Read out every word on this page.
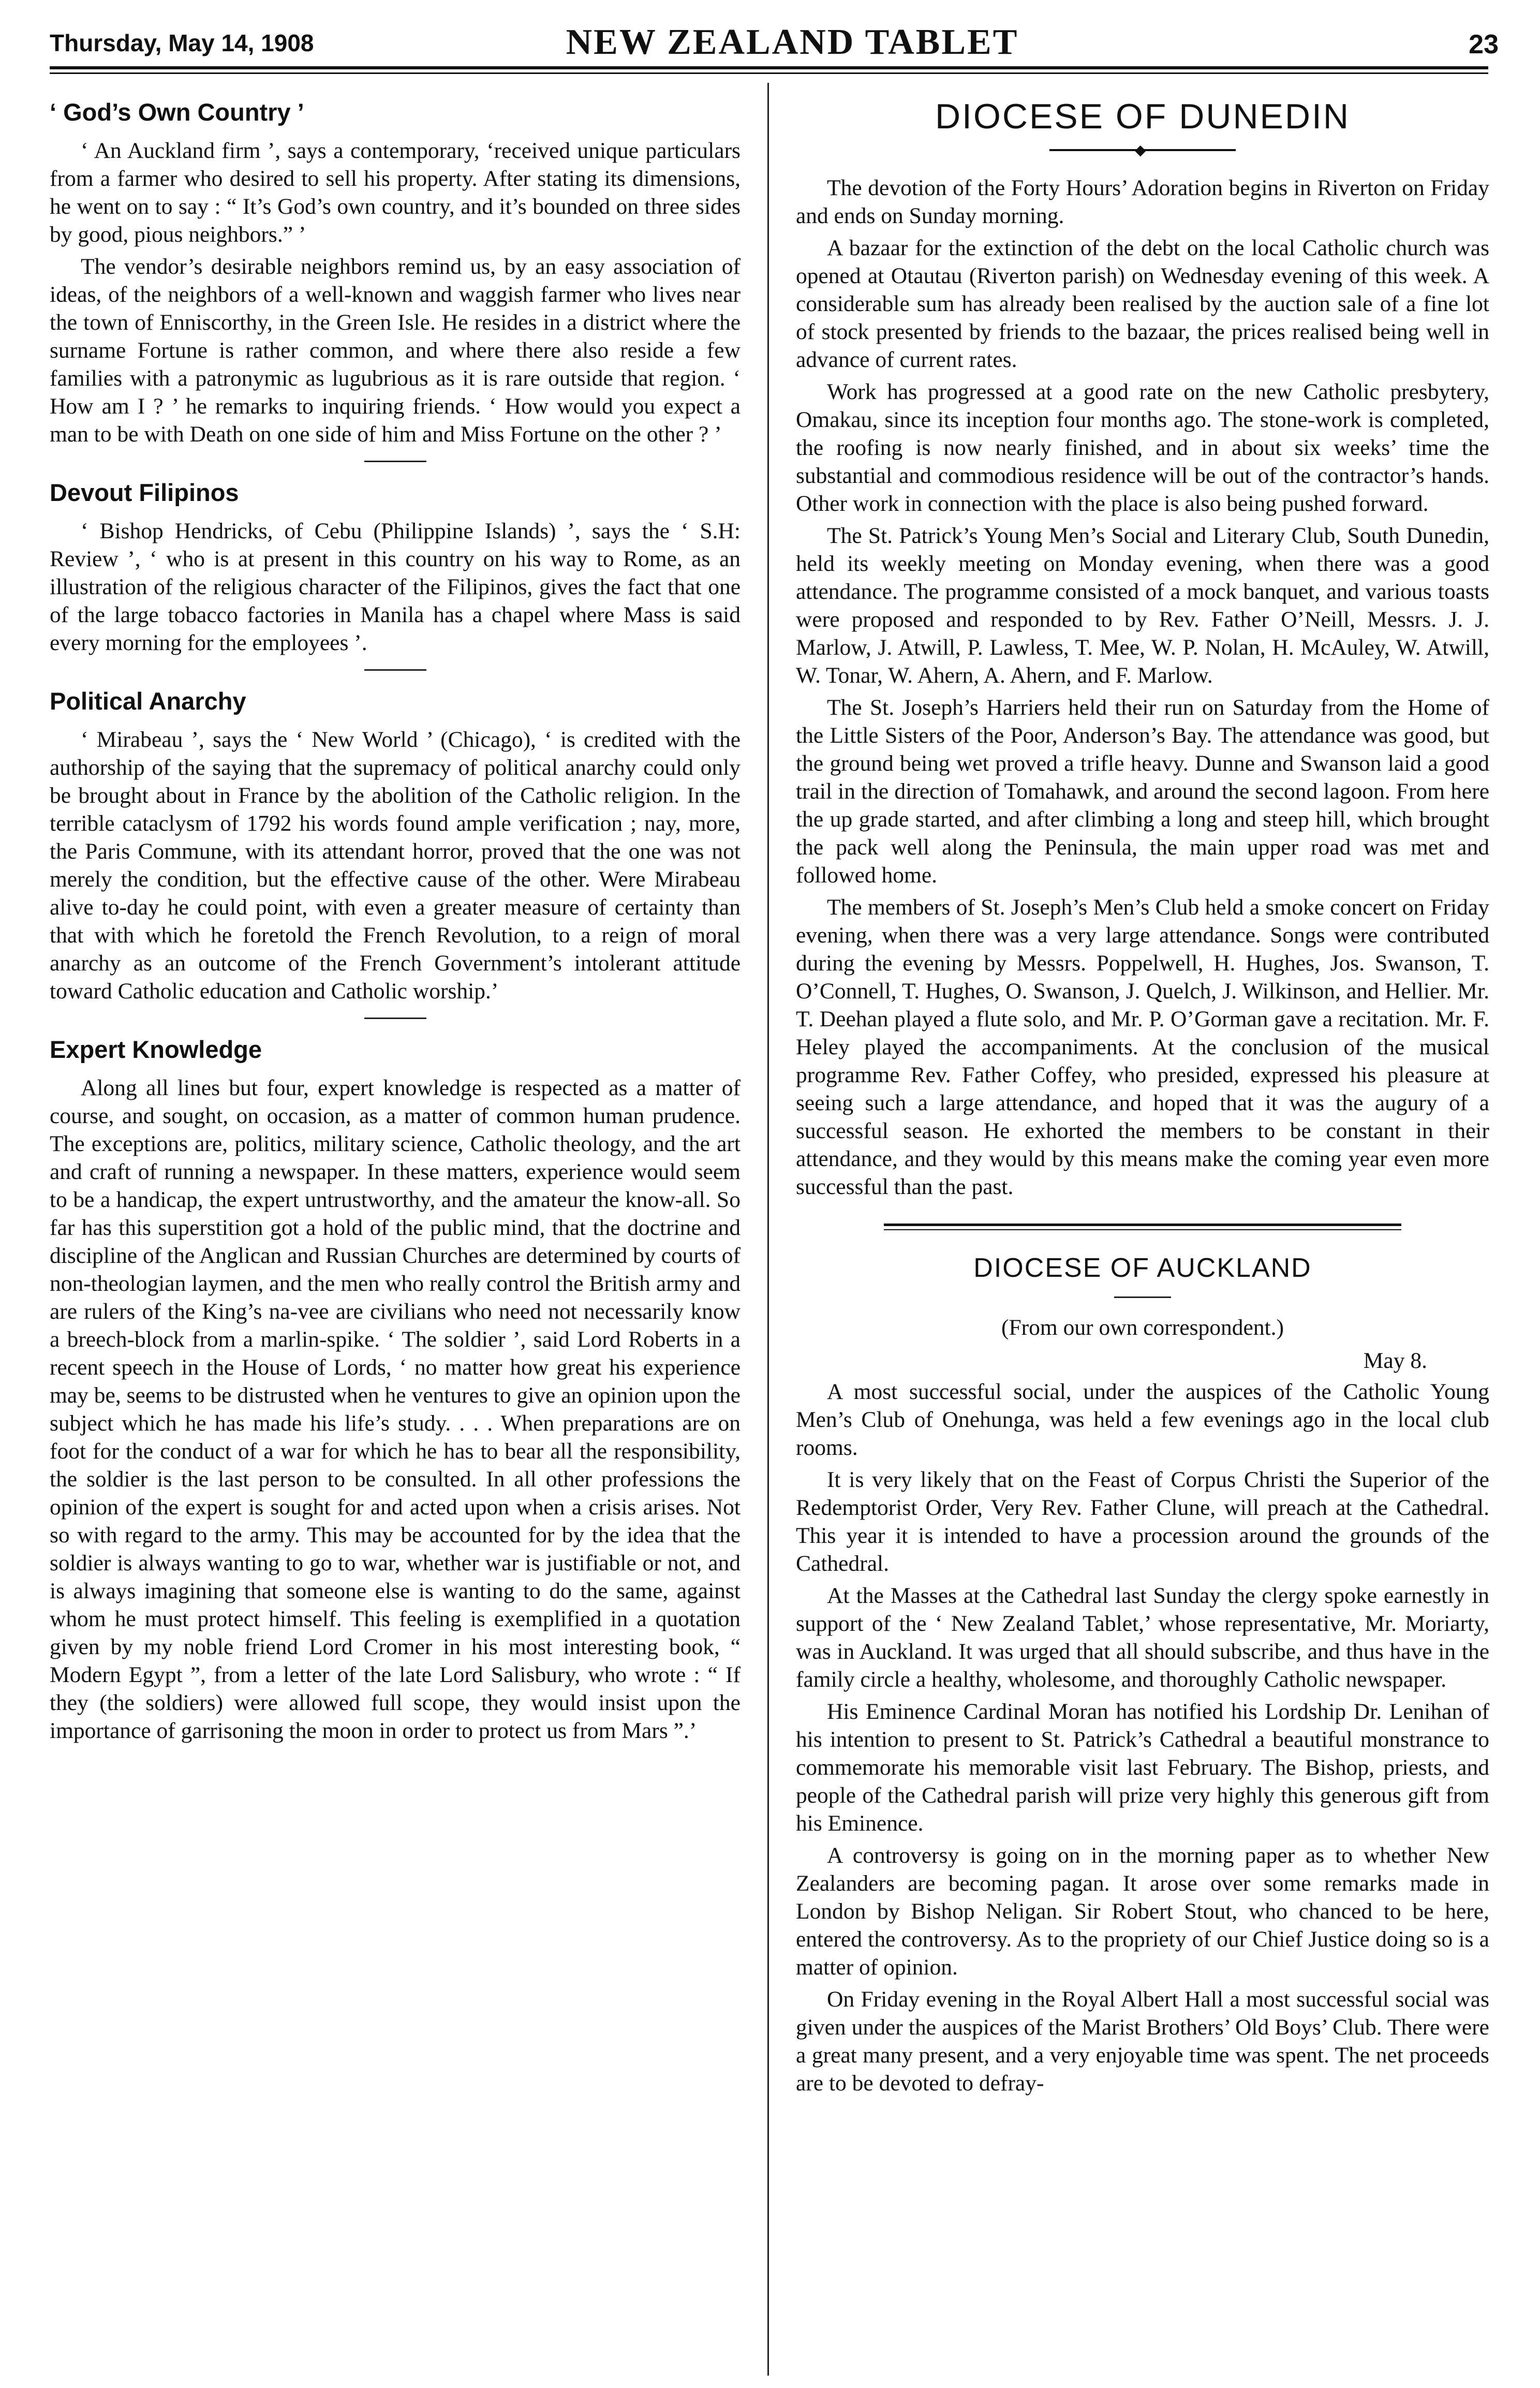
Thursday, May 14, 1908	NEW ZEALAND TABLET	23
‘ God’s Own Country ’

‘ An Auckland firm ’, says a contemporary, ‘received unique particulars from a farmer who desired to sell his property. After stating its dimensions, he went on to say : “ It’s God’s own country, and it’s bounded on three sides by good, pious neighbors.” ’

The vendor’s desirable neighbors remind us, by an easy association of ideas, of the neighbors of a well-known and waggish farmer who lives near the town of Enniscorthy, in the Green Isle. He resides in a district where the surname Fortune is rather common, and where there also reside a few families with a patronymic as lugubrious as it is rare outside that region. ‘ How am I ? ’ he remarks to inquiring friends. ‘ How would you expect a man to be with Death on one side of him and Miss Fortune on the other ? ’

Devout Filipinos

‘ Bishop Hendricks, of Cebu (Philippine Islands) ’, says the ‘ S.H: Review ’, ‘ who is at present in this country on his way to Rome, as an illustration of the religious character of the Filipinos, gives the fact that one of the large tobacco factories in Manila has a chapel where Mass is said every morning for the employees ’.

Political Anarchy

‘ Mirabeau ’, says the ‘ New World ’ (Chicago), ‘ is credited with the authorship of the saying that the supremacy of political anarchy could only be brought about in France by the abolition of the Catholic religion. In the terrible cataclysm of 1792 his words found ample verification ; nay, more, the Paris Commune, with its attendant horror, proved that the one was not merely the condition, but the effective cause of the other. Were Mirabeau alive to-day he could point, with even a greater measure of certainty than that with which he foretold the French Revolution, to a reign of moral anarchy as an outcome of the French Government’s intolerant attitude toward Catholic education and Catholic worship.’

Expert Knowledge

Along all lines but four, expert knowledge is respected as a matter of course, and sought, on occasion, as a matter of common human prudence. The exceptions are, politics, military science, Catholic theology, and the art and craft of running a newspaper. In these matters, experience would seem to be a handicap, the expert untrustworthy, and the amateur the know-all. So far has this superstition got a hold of the public mind, that the doctrine and discipline of the Anglican and Russian Churches are determined by courts of non-theologian laymen, and the men who really control the British army and are rulers of the King’s na-vee are civilians who need not necessarily know a breech-block from a marlin-spike. ‘ The soldier ’, said Lord Roberts in a recent speech in the House of Lords, ‘ no matter how great his experience may be, seems to be distrusted when he ventures to give an opinion upon the subject which he has made his life’s study. . . . When preparations are on foot for the conduct of a war for which he has to bear all the responsibility, the soldier is the last person to be consulted. In all other professions the opinion of the expert is sought for and acted upon when a crisis arises. Not so with regard to the army. This may be accounted for by the idea that the soldier is always wanting to go to war, whether war is justifiable or not, and is always imagining that someone else is wanting to do the same, against whom he must protect himself. This feeling is exemplified in a quotation given by my noble friend Lord Cromer in his most interesting book, “ Modern Egypt ”, from a letter of the late Lord Salisbury, who wrote : “ If they (the soldiers) were allowed full scope, they would insist upon the importance of garrisoning the moon in order to protect us from Mars ”.’

DIOCESE OF DUNEDIN
◆

The devotion of the Forty Hours’ Adoration begins in Riverton on Friday and ends on Sunday morning.

A bazaar for the extinction of the debt on the local Catholic church was opened at Otautau (Riverton parish) on Wednesday evening of this week. A considerable sum has already been realised by the auction sale of a fine lot of stock presented by friends to the bazaar, the prices realised being well in advance of current rates.

Work has progressed at a good rate on the new Catholic presbytery, Omakau, since its inception four months ago. The stone-work is completed, the roofing is now nearly finished, and in about six weeks’ time the substantial and commodious residence will be out of the contractor’s hands. Other work in connection with the place is also being pushed forward.

The St. Patrick’s Young Men’s Social and Literary Club, South Dunedin, held its weekly meeting on Monday evening, when there was a good attendance. The programme consisted of a mock banquet, and various toasts were proposed and responded to by Rev. Father O’Neill, Messrs. J. J. Marlow, J. Atwill, P. Lawless, T. Mee, W. P. Nolan, H. McAuley, W. Atwill, W. Tonar, W. Ahern, A. Ahern, and F. Marlow.

The St. Joseph’s Harriers held their run on Saturday from the Home of the Little Sisters of the Poor, Anderson’s Bay. The attendance was good, but the ground being wet proved a trifle heavy. Dunne and Swanson laid a good trail in the direction of Tomahawk, and around the second lagoon. From here the up grade started, and after climbing a long and steep hill, which brought the pack well along the Peninsula, the main upper road was met and followed home.

The members of St. Joseph’s Men’s Club held a smoke concert on Friday evening, when there was a very large attendance. Songs were contributed during the evening by Messrs. Poppelwell, H. Hughes, Jos. Swanson, T. O’Connell, T. Hughes, O. Swanson, J. Quelch, J. Wilkinson, and Hellier. Mr. T. Deehan played a flute solo, and Mr. P. O’Gorman gave a recitation. Mr. F. Heley played the accompaniments. At the conclusion of the musical programme Rev. Father Coffey, who presided, expressed his pleasure at seeing such a large attendance, and hoped that it was the augury of a successful season. He exhorted the members to be constant in their attendance, and they would by this means make the coming year even more successful than the past.

DIOCESE OF AUCKLAND

(From our own correspondent.)

May 8.

A most successful social, under the auspices of the Catholic Young Men’s Club of Onehunga, was held a few evenings ago in the local club rooms.

It is very likely that on the Feast of Corpus Christi the Superior of the Redemptorist Order, Very Rev. Father Clune, will preach at the Cathedral. This year it is intended to have a procession around the grounds of the Cathedral.

At the Masses at the Cathedral last Sunday the clergy spoke earnestly in support of the ‘ New Zealand Tablet,’ whose representative, Mr. Moriarty, was in Auckland. It was urged that all should subscribe, and thus have in the family circle a healthy, wholesome, and thoroughly Catholic newspaper.

His Eminence Cardinal Moran has notified his Lordship Dr. Lenihan of his intention to present to St. Patrick’s Cathedral a beautiful monstrance to commemorate his memorable visit last February. The Bishop, priests, and people of the Cathedral parish will prize very highly this generous gift from his Eminence.

A controversy is going on in the morning paper as to whether New Zealanders are becoming pagan. It arose over some remarks made in London by Bishop Neligan. Sir Robert Stout, who chanced to be here, entered the controversy. As to the propriety of our Chief Justice doing so is a matter of opinion.

On Friday evening in the Royal Albert Hall a most successful social was given under the auspices of the Marist Brothers’ Old Boys’ Club. There were a great many present, and a very enjoyable time was spent. The net proceeds are to be devoted to defray-
